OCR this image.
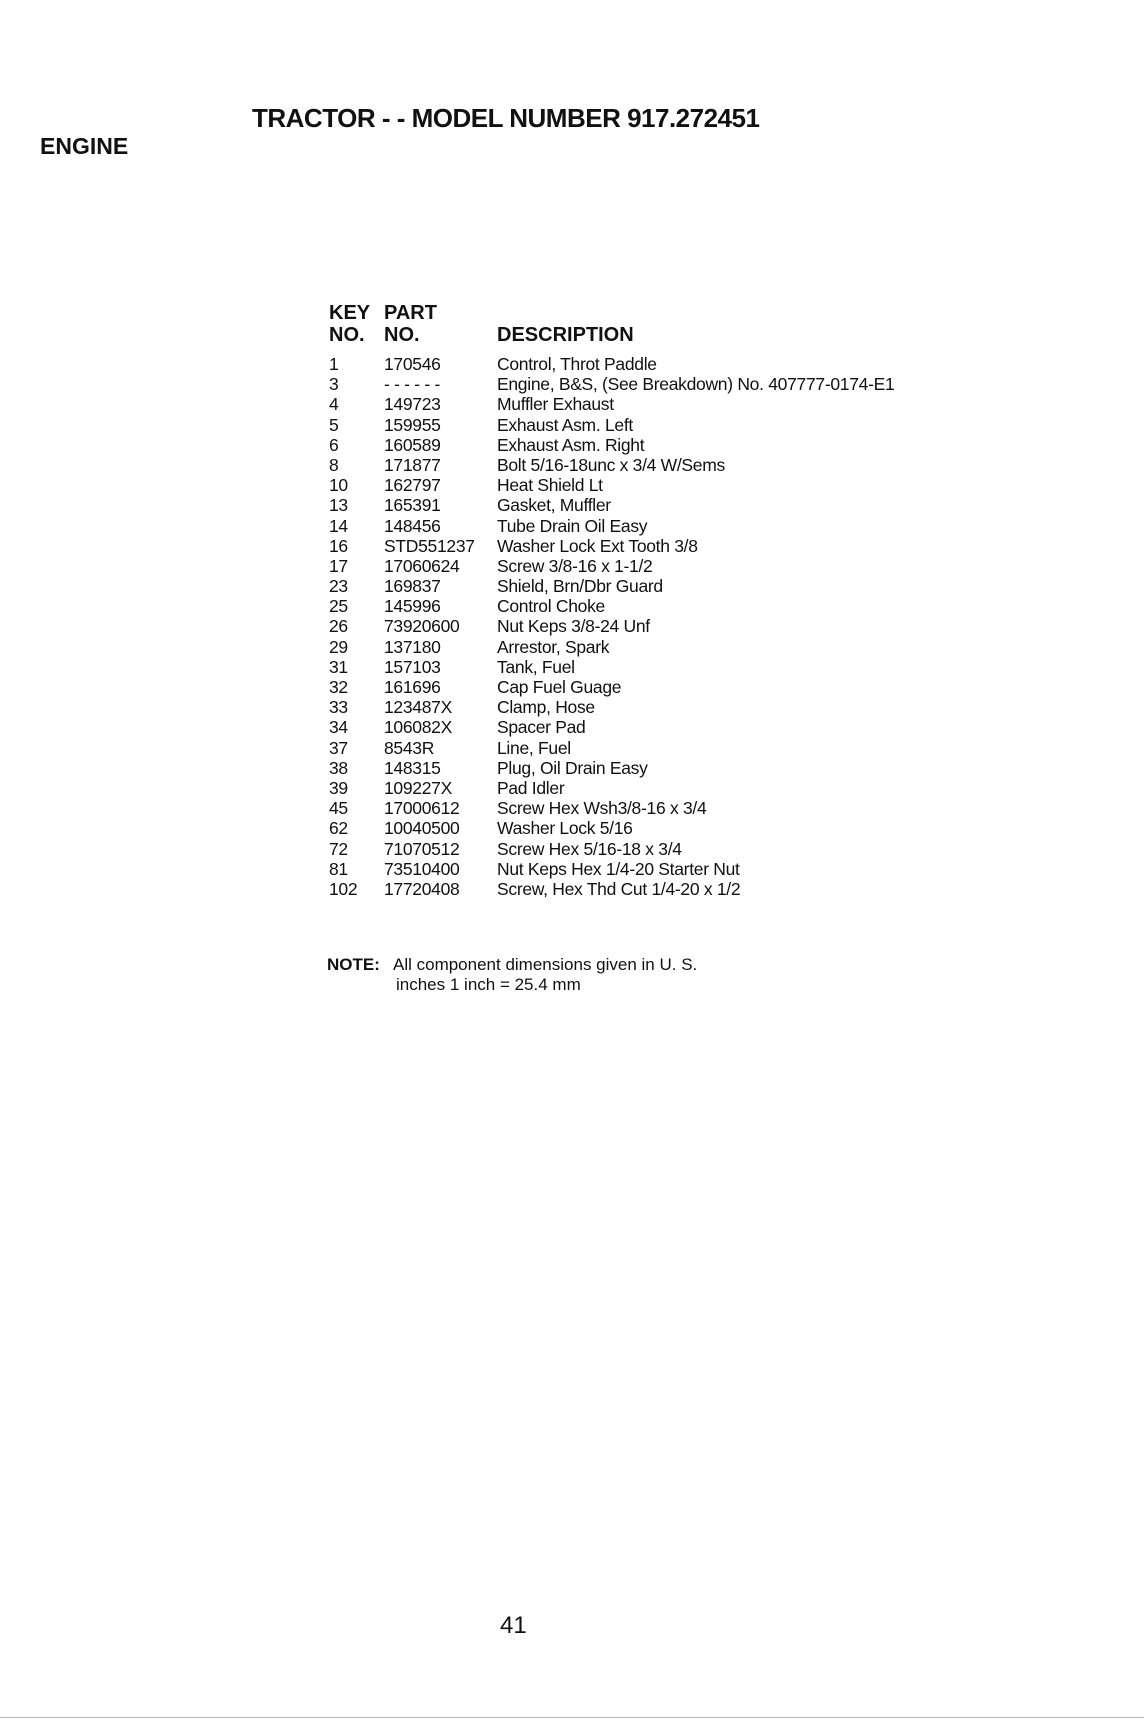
TRACTOR - - MODEL NUMBER 917.272451
ENGINE
KEY PART
NO. NO.	DESCRIPTION
1	170546	Control, Throt Paddle
3	- - - - - -	Engine, B&S, (See Breakdown) No. 407777-0174-E1
4	149723	Muffler Exhaust
5	159955	Exhaust Asm. Left
6	160589	Exhaust Asm. Right
8	171877	Bolt 5/16-18unc x 3/4 W/Sems
10	162797	Heat Shield Lt
13	165391	Gasket, Muffler
14	148456	Tube Drain Oil Easy
16	STD551237	Washer Lock Ext Tooth 3/8
17	17060624	Screw 3/8-16 x 1-1/2
23	169837	Shield, Brn/Dbr Guard
25	145996	Control Choke
26	73920600	Nut Keps 3/8-24 Unf
29	137180	Arrestor, Spark
31	157103	Tank, Fuel
32	161696	Cap Fuel Guage
33	123487X	Clamp, Hose
34	106082X	Spacer Pad
37	8543R	Line, Fuel
38	148315	Plug, Oil Drain Easy
39	109227X	Pad Idler
45	17000612	Screw Hex Wsh3/8-16 x 3/4
62	10040500	Washer Lock 5/16
72	71070512	Screw Hex 5/16-18 x 3/4
81	73510400	Nut Keps Hex 1/4-20 Starter Nut
102	17720408	Screw, Hex Thd Cut 1/4-20 x 1/2
NOTE: All component dimensions given in U. S.
inches 1 inch = 25.4 mm
41
